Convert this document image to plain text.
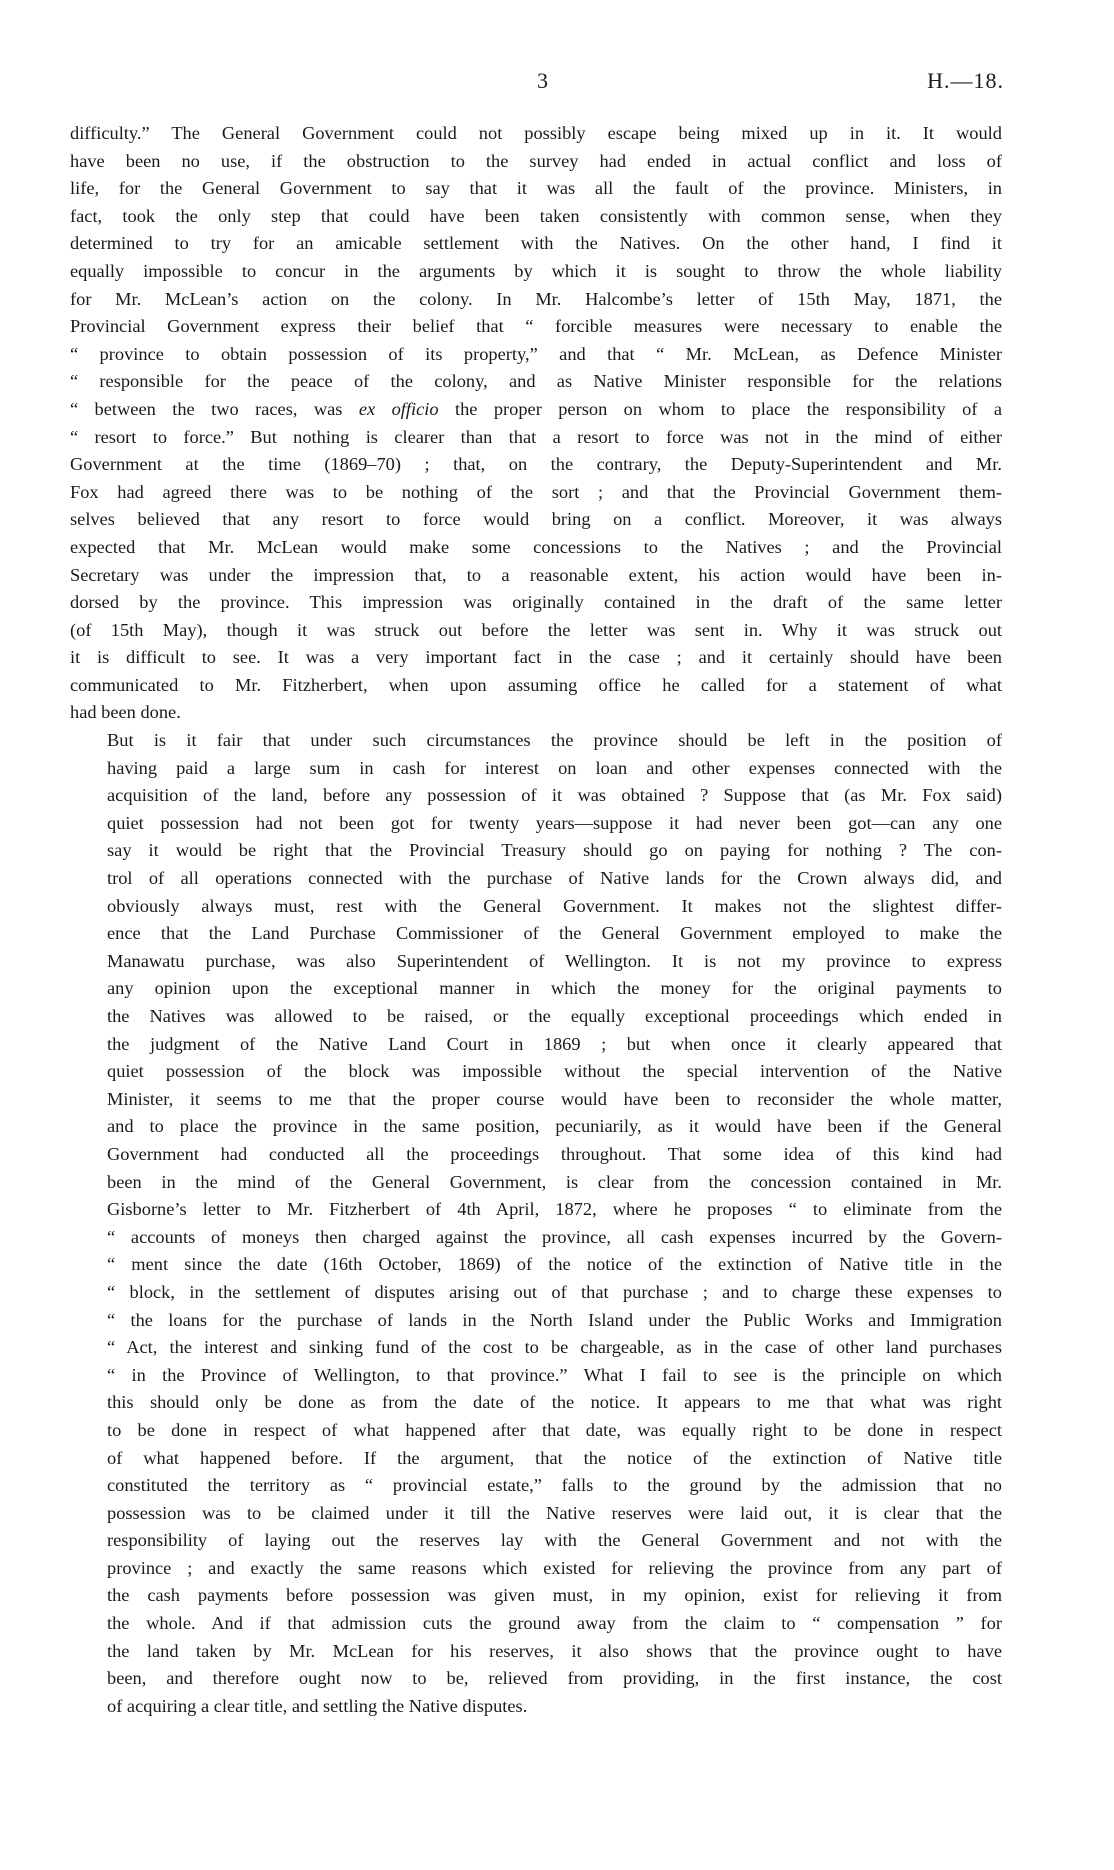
3	H.—18.

difficulty.” The General Government could not possibly escape being mixed up in it. It would
have been no use, if the obstruction to the survey had ended in actual conflict and loss of
life, for the General Government to say that it was all the fault of the province. Ministers, in
fact, took the only step that could have been taken consistently with common sense, when they
determined to try for an amicable settlement with the Natives. On the other hand, I find it
equally impossible to concur in the arguments by which it is sought to throw the whole liability
for Mr. McLean’s action on the colony. In Mr. Halcombe’s letter of 15th May, 1871, the
Provincial Government express their belief that “ forcible measures were necessary to enable the
“ province to obtain possession of its property,” and that “ Mr. McLean, as Defence Minister
“ responsible for the peace of the colony, and as Native Minister responsible for the relations
“ between the two races, was ex officio the proper person on whom to place the responsibility of a
“ resort to force.” But nothing is clearer than that a resort to force was not in the mind of either
Government at the time (1869–70) ; that, on the contrary, the Deputy-Superintendent and Mr.
Fox had agreed there was to be nothing of the sort ; and that the Provincial Government them-
selves believed that any resort to force would bring on a conflict. Moreover, it was always
expected that Mr. McLean would make some concessions to the Natives ; and the Provincial
Secretary was under the impression that, to a reasonable extent, his action would have been in-
dorsed by the province. This impression was originally contained in the draft of the same letter
(of 15th May), though it was struck out before the letter was sent in. Why it was struck out
it is difficult to see. It was a very important fact in the case ; and it certainly should have been
communicated to Mr. Fitzherbert, when upon assuming office he called for a statement of what
had been done.

But is it fair that under such circumstances the province should be left in the position of
having paid a large sum in cash for interest on loan and other expenses connected with the
acquisition of the land, before any possession of it was obtained ? Suppose that (as Mr. Fox said)
quiet possession had not been got for twenty years—suppose it had never been got—can any one
say it would be right that the Provincial Treasury should go on paying for nothing ? The con-
trol of all operations connected with the purchase of Native lands for the Crown always did, and
obviously always must, rest with the General Government. It makes not the slightest differ-
ence that the Land Purchase Commissioner of the General Government employed to make the
Manawatu purchase, was also Superintendent of Wellington. It is not my province to express
any opinion upon the exceptional manner in which the money for the original payments to
the Natives was allowed to be raised, or the equally exceptional proceedings which ended in
the judgment of the Native Land Court in 1869 ; but when once it clearly appeared that
quiet possession of the block was impossible without the special intervention of the Native
Minister, it seems to me that the proper course would have been to reconsider the whole matter,
and to place the province in the same position, pecuniarily, as it would have been if the General
Government had conducted all the proceedings throughout. That some idea of this kind had
been in the mind of the General Government, is clear from the concession contained in Mr.
Gisborne’s letter to Mr. Fitzherbert of 4th April, 1872, where he proposes “ to eliminate from the
“ accounts of moneys then charged against the province, all cash expenses incurred by the Govern-
“ ment since the date (16th October, 1869) of the notice of the extinction of Native title in the
“ block, in the settlement of disputes arising out of that purchase ; and to charge these expenses to
“ the loans for the purchase of lands in the North Island under the Public Works and Immigration
“ Act, the interest and sinking fund of the cost to be chargeable, as in the case of other land purchases
“ in the Province of Wellington, to that province.” What I fail to see is the principle on which
this should only be done as from the date of the notice. It appears to me that what was right
to be done in respect of what happened after that date, was equally right to be done in respect
of what happened before. If the argument, that the notice of the extinction of Native title
constituted the territory as “ provincial estate,” falls to the ground by the admission that no
possession was to be claimed under it till the Native reserves were laid out, it is clear that the
responsibility of laying out the reserves lay with the General Government and not with the
province ; and exactly the same reasons which existed for relieving the province from any part of
the cash payments before possession was given must, in my opinion, exist for relieving it from
the whole. And if that admission cuts the ground away from the claim to “ compensation ” for
the land taken by Mr. McLean for his reserves, it also shows that the province ought to have
been, and therefore ought now to be, relieved from providing, in the first instance, the cost
of acquiring a clear title, and settling the Native disputes.
